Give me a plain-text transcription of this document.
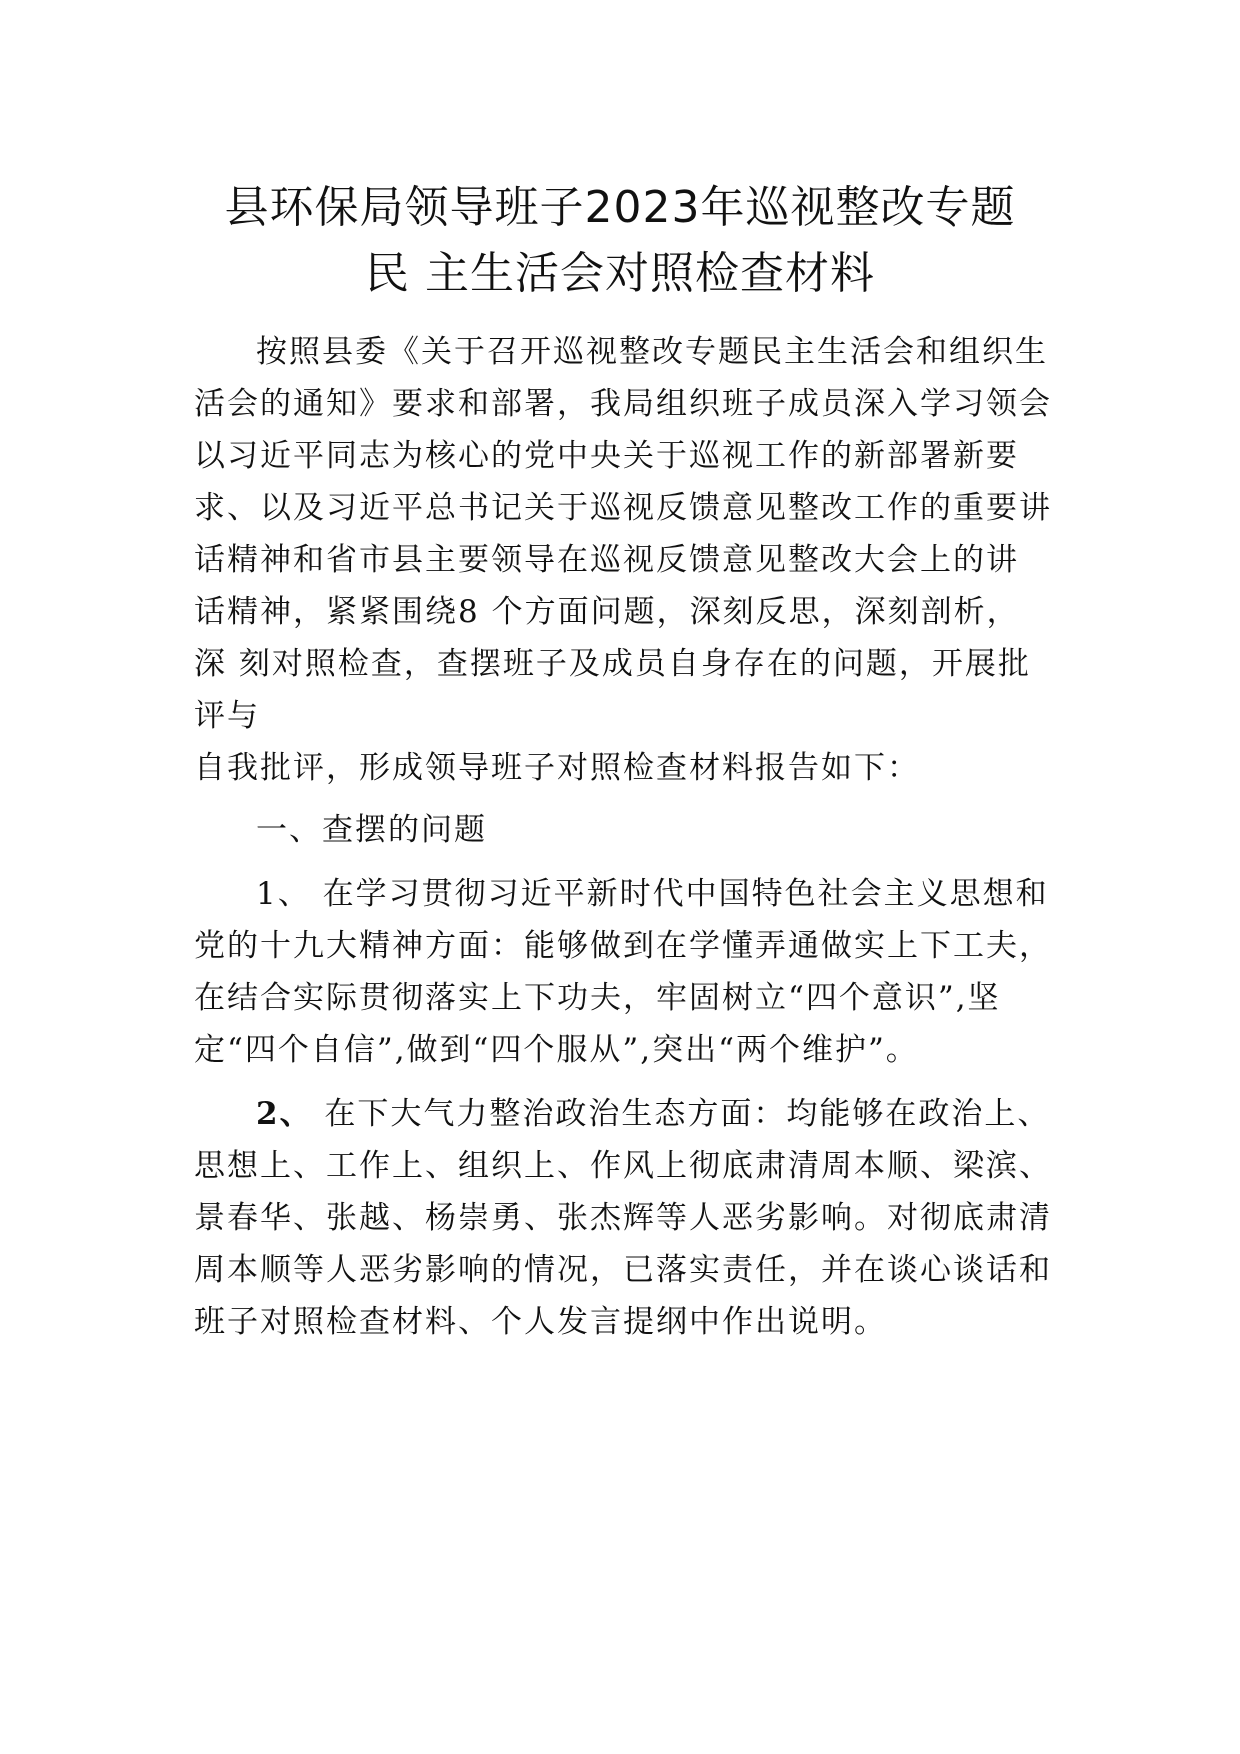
县环保局领导班子2023年巡视整改专题
民 主生活会对照检查材料
按照县委《关于召开巡视整改专题民主生活会和组织生
活会的通知》要求和部署，我局组织班子成员深入学习领会
以习近平同志为核心的党中央关于巡视工作的新部署新要
求、以及习近平总书记关于巡视反馈意见整改工作的重要讲
话精神和省市县主要领导在巡视反馈意见整改大会上的讲
话精神，紧紧围绕8 个方面问题，深刻反思，深刻剖析，
深 刻对照检查，查摆班子及成员自身存在的问题，开展批
评与
自我批评，形成领导班子对照检查材料报告如下：
一、查摆的问题
1、 在学习贯彻习近平新时代中国特色社会主义思想和
党的十九大精神方面：能够做到在学懂弄通做实上下工夫，
在结合实际贯彻落实上下功夫，牢固树立“四个意识”,坚
定“四个自信”,做到“四个服从”,突出“两个维护”。
2、 在下大气力整治政治生态方面：均能够在政治上、
思想上、工作上、组织上、作风上彻底肃清周本顺、梁滨、
景春华、张越、杨崇勇、张杰辉等人恶劣影响。对彻底肃清
周本顺等人恶劣影响的情况，已落实责任，并在谈心谈话和
班子对照检查材料、个人发言提纲中作出说明。
